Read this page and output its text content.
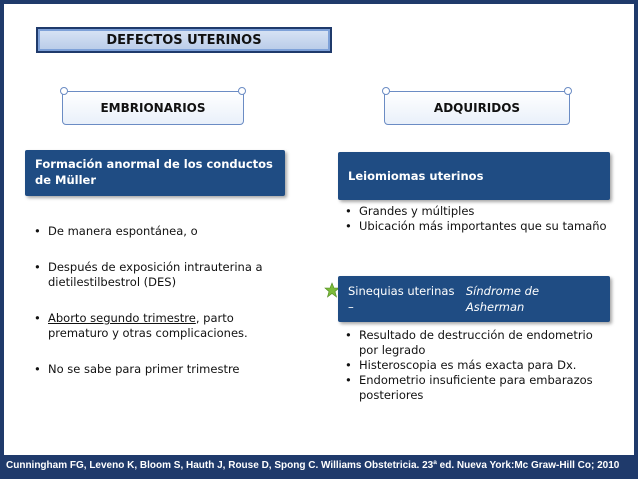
DEFECTOS UTERINOS
EMBRIONARIOS	ADQUIRIDOS
Formación anormal de los conductos de Müller
• De manera espontánea, o
• Después de exposición intrauterina a dietilestilbestrol (DES)
• Aborto segundo trimestre, parto
prematuro y otras complicaciones.
• No se sabe para primer trimestre
Leiomiomas uterinos
• Grandes y múltiples
• Ubicación más importantes que su tamaño
Sinequias uterinas –
Síndrome de Asherman
• Resultado de destrucción de endometrio por legrado
• Histeroscopia es más exacta para Dx.
• Endometrio insuficiente para embarazos posteriores
Cunningham FG, Leveno K, Bloom S, Hauth J, Rouse D, Spong C. Williams Obstetricia. 23ª ed. Nueva York:Mc Graw-Hill Co; 2010
